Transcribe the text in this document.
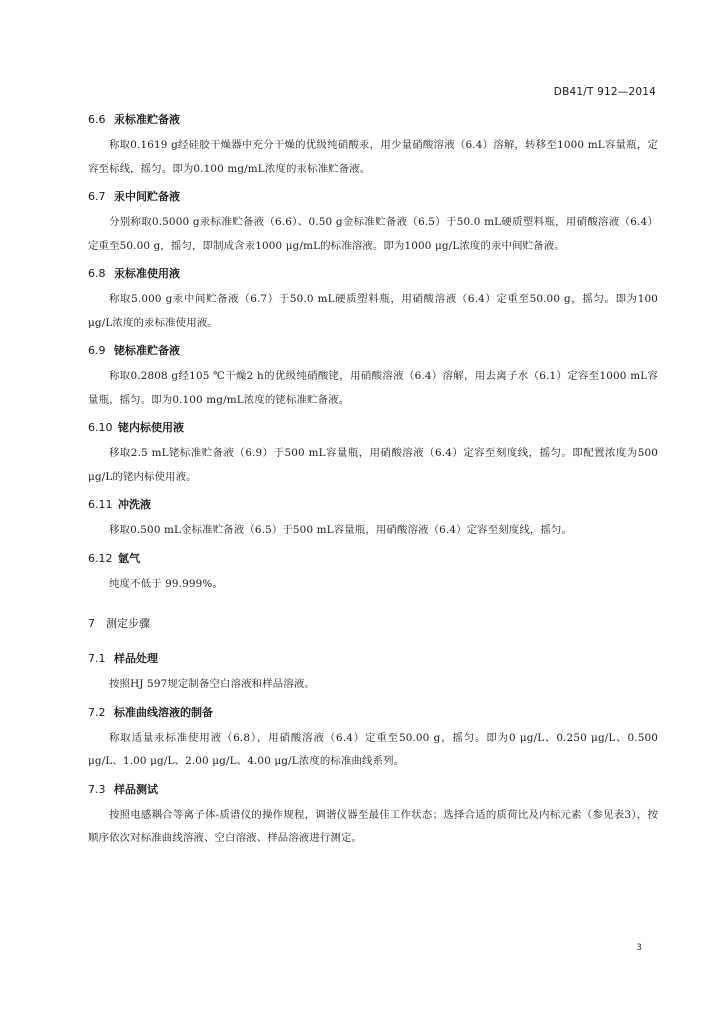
DB41/T 912—2014
6.6 汞标准贮备液

称取0.1619 g经硅胶干燥器中充分干燥的优级纯硝酸汞，用少量硝酸溶液（6.4）溶解，转移至1000 mL容量瓶，定容至标线，摇匀。即为0.100 mg/mL浓度的汞标准贮备液。

6.7 汞中间贮备液

分别称取0.5000 g汞标准贮备液（6.6）、0.50 g金标准贮备液（6.5）于50.0 mL硬质塑料瓶，用硝酸溶液（6.4）定重至50.00 g，摇匀，即制成含汞1000 μg/mL的标准溶液。即为1000 μg/L浓度的汞中间贮备液。

6.8 汞标准使用液

称取5.000 g汞中间贮备液（6.7）于50.0 mL硬质塑料瓶，用硝酸溶液（6.4）定重至50.00 g，摇匀。即为100 μg/L浓度的汞标准使用液。

6.9 铑标准贮备液

称取0.2808 g经105 ℃干燥2 h的优级纯硝酸铑，用硝酸溶液（6.4）溶解，用去离子水（6.1）定容至1000 mL容量瓶，摇匀。即为0.100 mg/mL浓度的铑标准贮备液。

6.10 铑内标使用液

移取2.5 mL铑标准贮备液（6.9）于500 mL容量瓶，用硝酸溶液（6.4）定容至刻度线，摇匀。即配置浓度为500 μg/L的铑内标使用液。

6.11 冲洗液

移取0.500 mL金标准贮备液（6.5）于500 mL容量瓶，用硝酸溶液（6.4）定容至刻度线，摇匀。

6.12 氩气

纯度不低于 99.999%。

7 测定步骤
7.1 样品处理

按照HJ 597规定制备空白溶液和样品溶液。

7.2 标准曲线溶液的制备

称取适量汞标准使用液（6.8），用硝酸溶液（6.4）定重至50.00 g，摇匀。即为0 μg/L、0.250 μg/L、0.500 μg/L、1.00 μg/L、2.00 μg/L、4.00 μg/L浓度的标准曲线系列。

7.3 样品测试

按照电感耦合等离子体-质谱仪的操作规程，调谐仪器至最佳工作状态；选择合适的质荷比及内标元素（参见表3），按顺序依次对标准曲线溶液、空白溶液、样品溶液进行测定。

3
